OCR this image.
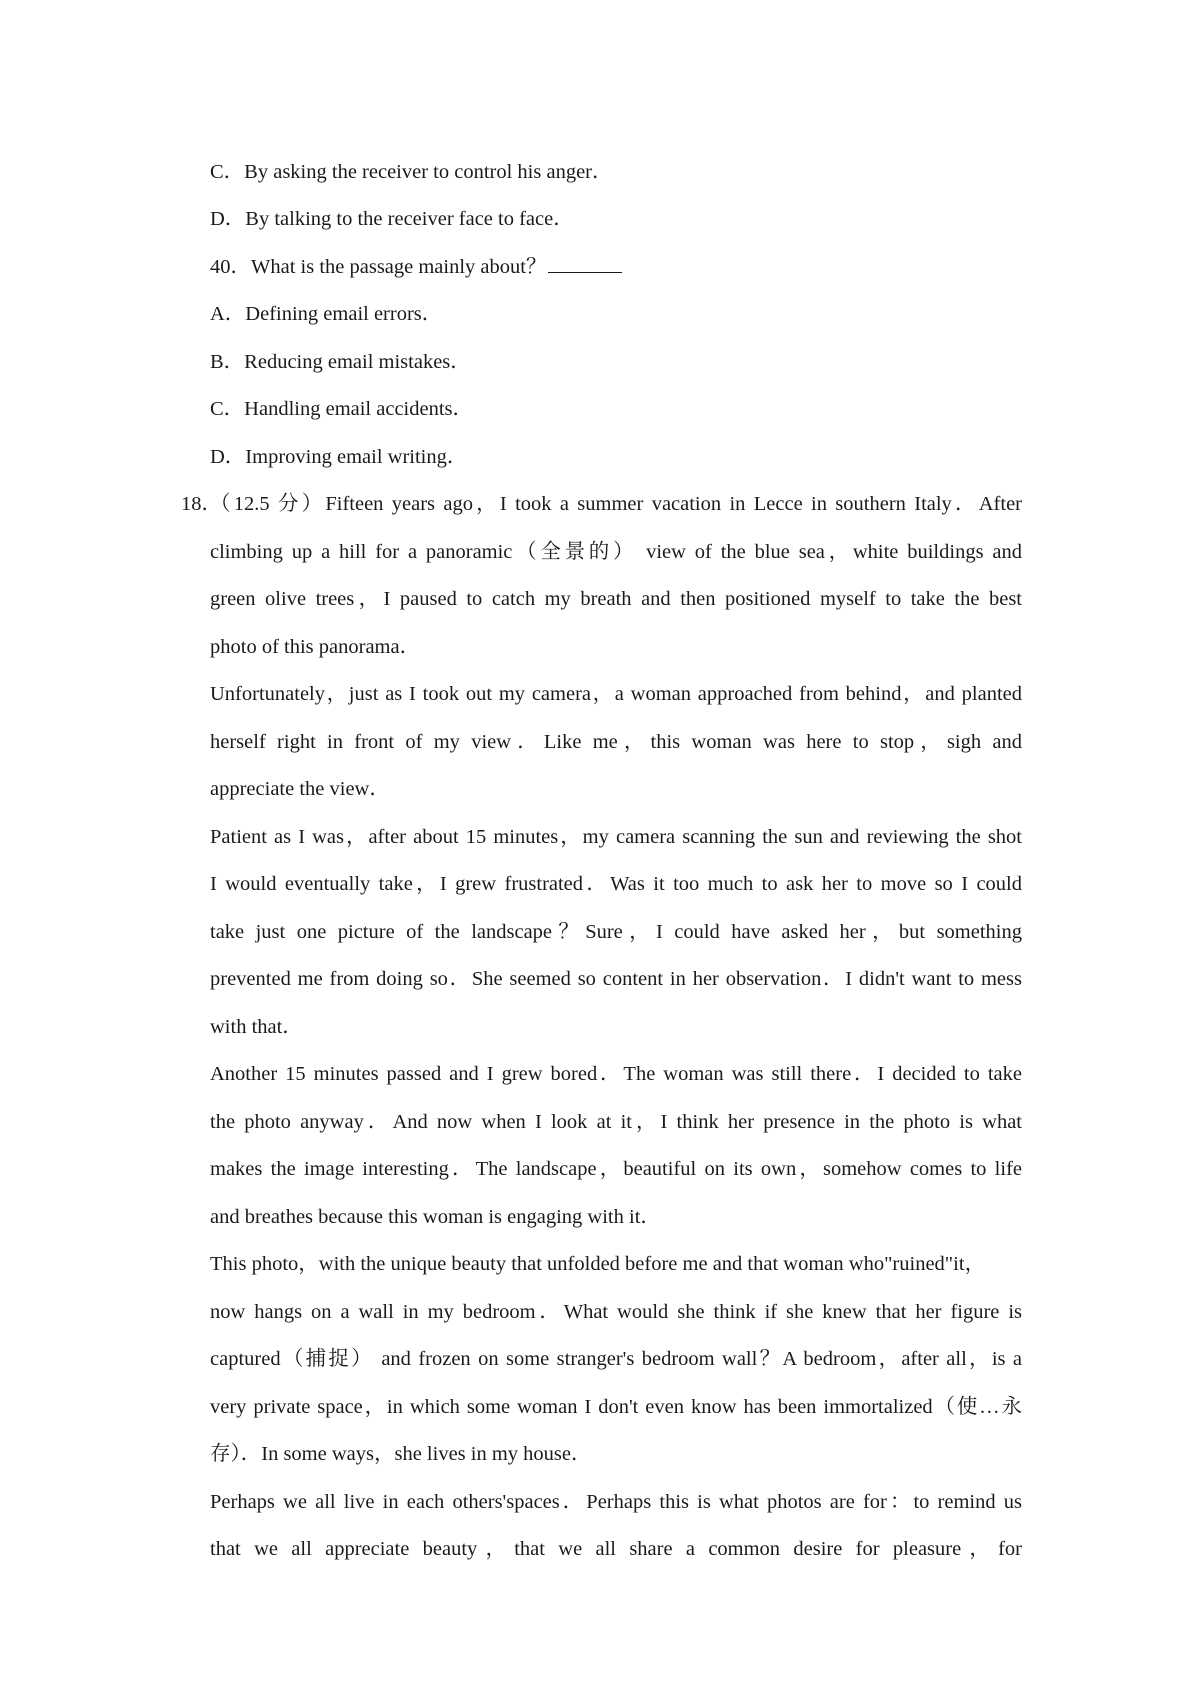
C．By asking the receiver to control his anger．
D．By talking to the receiver face to face．
40．What is the passage mainly about？
A．Defining email errors．
B．Reducing email mistakes．
C．Handling email accidents．
D．Improving email writing．
18．
（12.5 分）Fifteen years ago，I took a summer vacation in Lecce in southern Italy．After
climbing up a hill for a panoramic（全景的） view of the blue sea，white buildings and
green olive trees，I paused to catch my breath and then positioned myself to take the best
photo of this panorama．
Unfortunately，just as I took out my camera，a woman approached from behind，and planted
herself right in front of my view．Like me，this woman was here to stop，sigh and
appreciate the view．
Patient as I was，after about 15 minutes，my camera scanning the sun and reviewing the shot
I would eventually take，I grew frustrated．Was it too much to ask her to move so I could
take just one picture of the landscape？Sure，I could have asked her，but something
prevented me from doing so．She seemed so content in her observation．I didn't want to mess
with that．
Another 15 minutes passed and I grew bored．The woman was still there．I decided to take
the photo anyway．And now when I look at it，I think her presence in the photo is what
makes the image interesting．The landscape，beautiful on its own，somehow comes to life
and breathes because this woman is engaging with it．
This photo，with the unique beauty that unfolded before me and that woman who"ruined"it，
now hangs on a wall in my bedroom．What would she think if she knew that her figure is
captured（捕捉） and frozen on some stranger's bedroom wall？A bedroom，after all，is a
very private space，in which some woman I don't even know has been immortalized（使…永
存）．In some ways，she lives in my house．
Perhaps we all live in each others'spaces．Perhaps this is what photos are for：to remind us
that we all appreciate beauty，that we all share a common desire for pleasure，for
